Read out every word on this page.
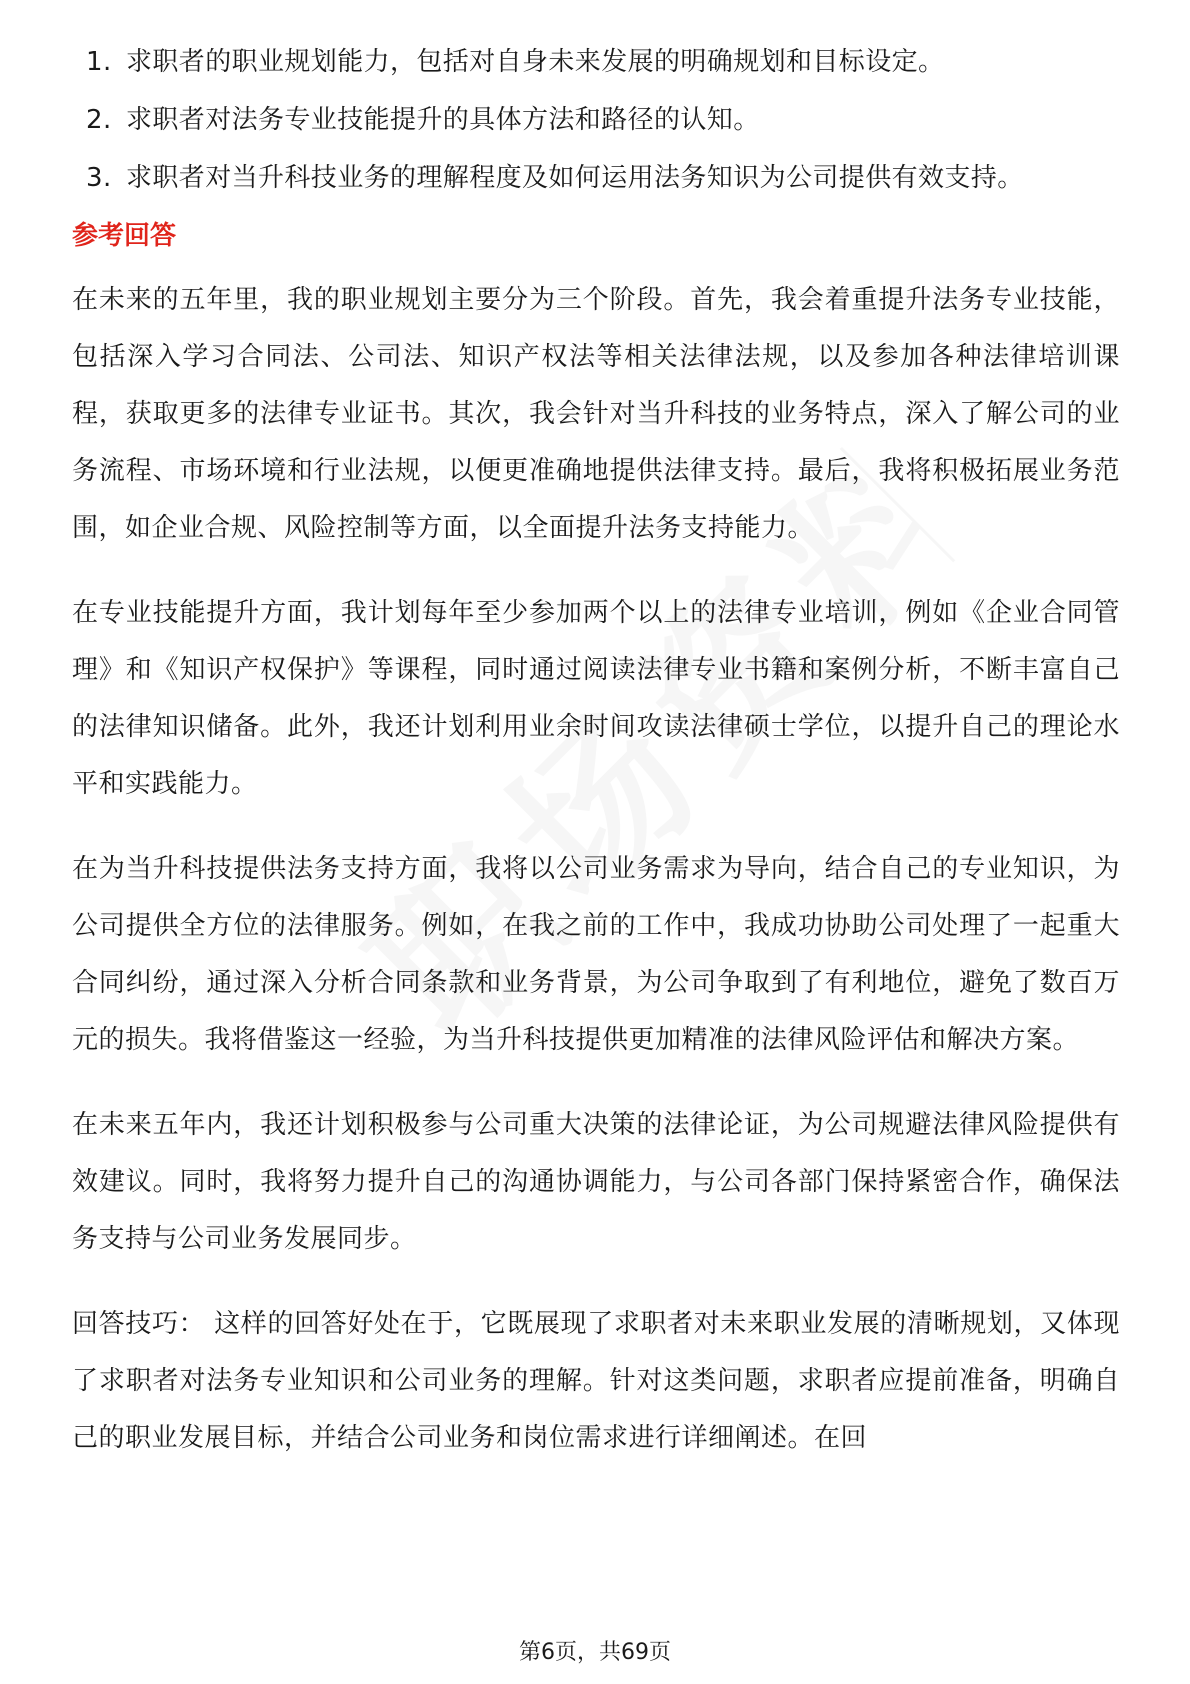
1. 求职者的职业规划能力，包括对自身未来发展的明确规划和目标设定。
2. 求职者对法务专业技能提升的具体方法和路径的认知。
3. 求职者对当升科技业务的理解程度及如何运用法务知识为公司提供有效支持。
参考回答

在未来的五年里，我的职业规划主要分为三个阶段。首先，我会着重提升法务专业技能，包括深入学习合同法、公司法、知识产权法等相关法律法规，以及参加各种法律培训课程，获取更多的法律专业证书。其次，我会针对当升科技的业务特点，深入了解公司的业务流程、市场环境和行业法规，以便更准确地提供法律支持。最后，我将积极拓展业务范围，如企业合规、风险控制等方面，以全面提升法务支持能力。

在专业技能提升方面，我计划每年至少参加两个以上的法律专业培训，例如《企业合同管理》和《知识产权保护》等课程，同时通过阅读法律专业书籍和案例分析，不断丰富自己的法律知识储备。此外，我还计划利用业余时间攻读法律硕士学位，以提升自己的理论水平和实践能力。

在为当升科技提供法务支持方面，我将以公司业务需求为导向，结合自己的专业知识，为公司提供全方位的法律服务。例如，在我之前的工作中，我成功协助公司处理了一起重大合同纠纷，通过深入分析合同条款和业务背景，为公司争取到了有利地位，避免了数百万元的损失。我将借鉴这一经验，为当升科技提供更加精准的法律风险评估和解决方案。

在未来五年内，我还计划积极参与公司重大决策的法律论证，为公司规避法律风险提供有效建议。同时，我将努力提升自己的沟通协调能力，与公司各部门保持紧密合作，确保法务支持与公司业务发展同步。

回答技巧： 这样的回答好处在于，它既展现了求职者对未来职业发展的清晰规划，又体现了求职者对法务专业知识和公司业务的理解。针对这类问题，求职者应提前准备，明确自己的职业发展目标，并结合公司业务和岗位需求进行详细阐述。在回

第6页，共69页
